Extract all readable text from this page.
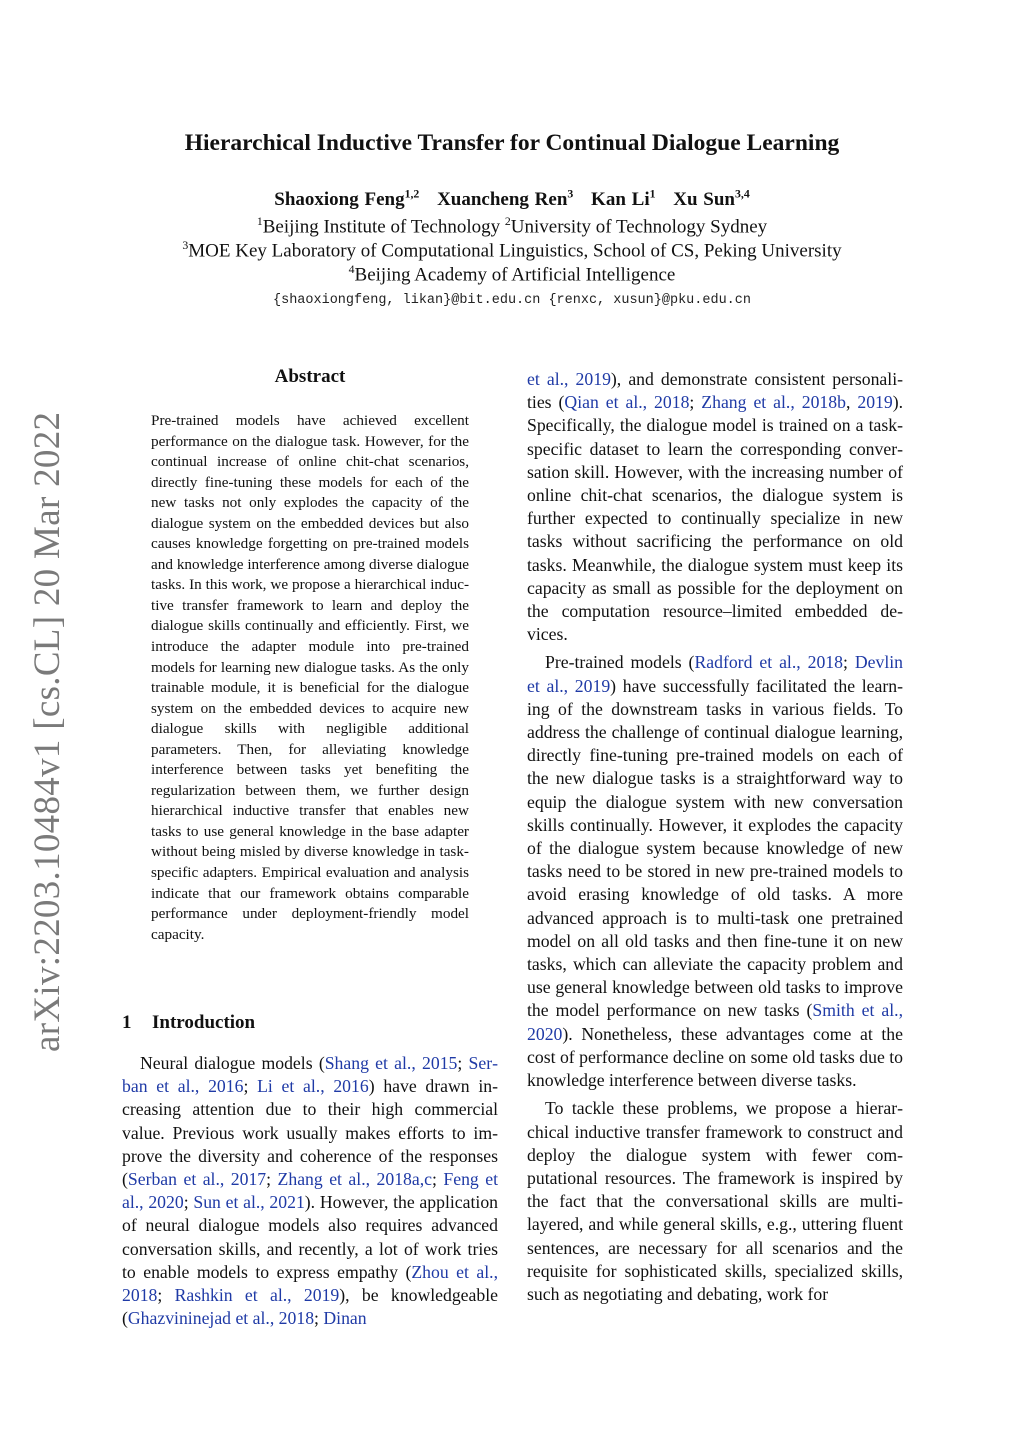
Hierarchical Inductive Transfer for Continual Dialogue Learning
Shaoxiong Feng$^{1,2}$ Xuancheng Ren$^3$ Kan Li$^1$ Xu Sun$^{3,4}$
$^1$Beijing Institute of Technology $^2$University of Technology Sydney
$^3$MOE Key Laboratory of Computational Linguistics, School of CS, Peking University
$^4$Beijing Academy of Artificial Intelligence
{shaoxiongfeng, likan}@bit.edu.cn {renxc, xusun}@pku.edu.cn
arXiv:2203.10484v1 [cs.CL] 20 Mar 2022
Abstract
Pre-trained models have achieved excellent performance on the dialogue task. However, for the continual increase of online chit-chat scenarios, directly fine-tuning these models for each of the new tasks not only explodes the capacity of the dialogue system on the embedded devices but also causes knowledge forgetting on pre-trained models and knowledge interference among diverse dialogue tasks. In this work, we propose a hierarchical inductive transfer framework to learn and deploy the dialogue skills continually and efficiently. First, we introduce the adapter module into pre-trained models for learning new dialogue tasks. As the only trainable module, it is beneficial for the dialogue system on the embedded devices to acquire new dialogue skills with negligible additional parameters. Then, for alleviating knowledge interference between tasks yet benefiting the regularization between them, we further design hierarchical inductive transfer that enables new tasks to use general knowledge in the base adapter without being misled by diverse knowledge in task-specific adapters. Empirical evaluation and analysis indicate that our framework obtains comparable performance under deployment-friendly model capacity.
1 Introduction

Neural dialogue models (Shang et al., 2015; Serban et al., 2016; Li et al., 2016) have drawn increasing attention due to their high commercial value. Previous work usually makes efforts to improve the diversity and coherence of the responses (Serban et al., 2017; Zhang et al., 2018a,c; Feng et al., 2020; Sun et al., 2021). However, the application of neural dialogue models also requires advanced conversation skills, and recently, a lot of work tries to enable models to express empathy (Zhou et al., 2018; Rashkin et al., 2019), be knowledgeable (Ghazvininejad et al., 2018; Dinan

et al., 2019), and demonstrate consistent personalities (Qian et al., 2018; Zhang et al., 2018b, 2019). Specifically, the dialogue model is trained on a task-specific dataset to learn the corresponding conversation skill. However, with the increasing number of online chit-chat scenarios, the dialogue system is further expected to continually specialize in new tasks without sacrificing the performance on old tasks. Meanwhile, the dialogue system must keep its capacity as small as possible for the deployment on the computation resource–limited embedded devices.

Pre-trained models (Radford et al., 2018; Devlin et al., 2019) have successfully facilitated the learning of the downstream tasks in various fields. To address the challenge of continual dialogue learning, directly fine-tuning pre-trained models on each of the new dialogue tasks is a straightforward way to equip the dialogue system with new conversation skills continually. However, it explodes the capacity of the dialogue system because knowledge of new tasks need to be stored in new pre-trained models to avoid erasing knowledge of old tasks. A more advanced approach is to multi-task one pretrained model on all old tasks and then fine-tune it on new tasks, which can alleviate the capacity problem and use general knowledge between old tasks to improve the model performance on new tasks (Smith et al., 2020). Nonetheless, these advantages come at the cost of performance decline on some old tasks due to knowledge interference between diverse tasks.

To tackle these problems, we propose a hierarchical inductive transfer framework to construct and deploy the dialogue system with fewer computational resources. The framework is inspired by the fact that the conversational skills are multilayered, and while general skills, e.g., uttering fluent sentences, are necessary for all scenarios and the requisite for sophisticated skills, specialized skills, such as negotiating and debating, work for
